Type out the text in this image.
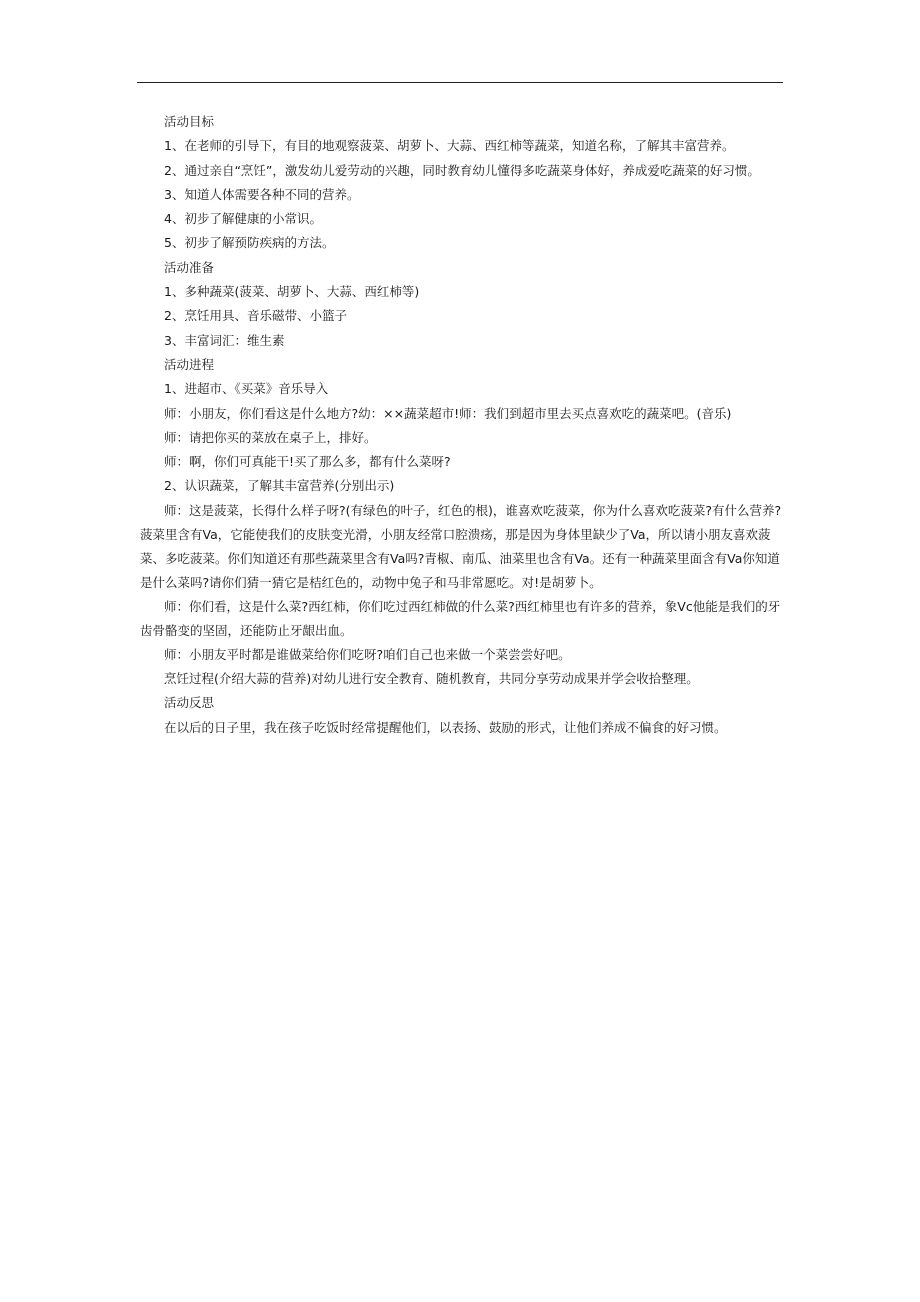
活动目标

1、在老师的引导下，有目的地观察菠菜、胡萝卜、大蒜、西红柿等蔬菜，知道名称，了解其丰富营养。

2、通过亲自“烹饪”，激发幼儿爱劳动的兴趣，同时教育幼儿懂得多吃蔬菜身体好，养成爱吃蔬菜的好习惯。

3、知道人体需要各种不同的营养。

4、初步了解健康的小常识。

5、初步了解预防疾病的方法。

活动准备

1、多种蔬菜(菠菜、胡萝卜、大蒜、西红柿等)

2、烹饪用具、音乐磁带、小篮子

3、丰富词汇：维生素

活动进程

1、进超市、《买菜》音乐导入

师：小朋友，你们看这是什么地方?幼：××蔬菜超市!师：我们到超市里去买点喜欢吃的蔬菜吧。(音乐)

师：请把你买的菜放在桌子上，排好。

师：啊，你们可真能干!买了那么多，都有什么菜呀?

2、认识蔬菜，了解其丰富营养(分别出示)

师：这是菠菜，长得什么样子呀?(有绿色的叶子，红色的根)，谁喜欢吃菠菜，你为什么喜欢吃菠菜?有什么营养?菠菜里含有Va，它能使我们的皮肤变光滑，小朋友经常口腔溃疡，那是因为身体里缺少了Va，所以请小朋友喜欢菠菜、多吃菠菜。你们知道还有那些蔬菜里含有Va吗?青椒、南瓜、油菜里也含有Va。还有一种蔬菜里面含有Va你知道是什么菜吗?请你们猜一猜它是桔红色的，动物中兔子和马非常愿吃。对!是胡萝卜。

师：你们看，这是什么菜?西红柿，你们吃过西红柿做的什么菜?西红柿里也有许多的营养，象Vc他能是我们的牙齿骨骼变的坚固，还能防止牙龈出血。

师：小朋友平时都是谁做菜给你们吃呀?咱们自己也来做一个菜尝尝好吧。

烹饪过程(介绍大蒜的营养)对幼儿进行安全教育、随机教育，共同分享劳动成果并学会收拾整理。

活动反思

在以后的日子里，我在孩子吃饭时经常提醒他们，以表扬、鼓励的形式，让他们养成不偏食的好习惯。
